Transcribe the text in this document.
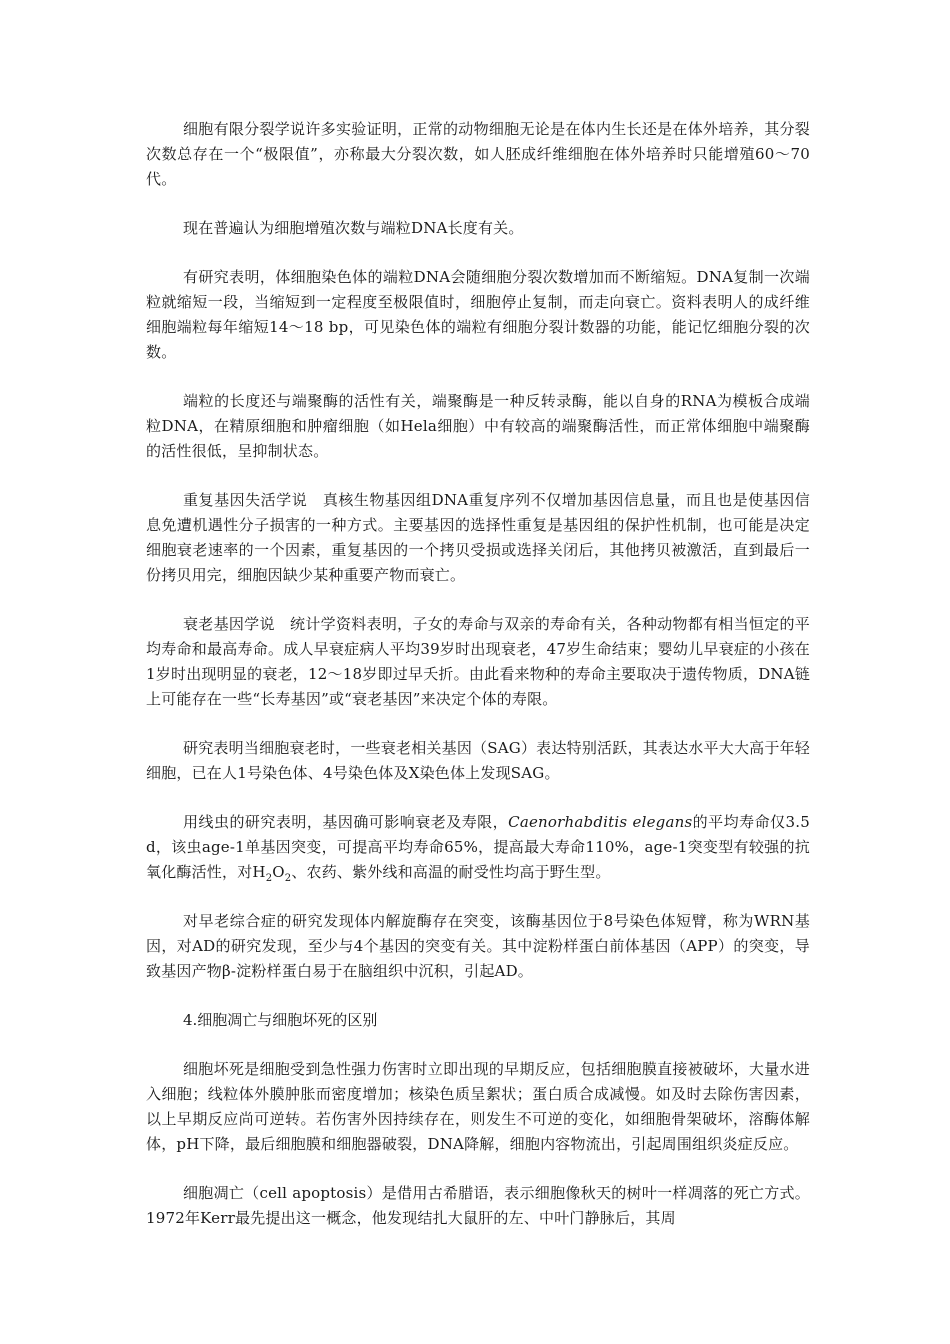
细胞有限分裂学说许多实验证明，正常的动物细胞无论是在体内生长还是在体外培养，其分裂次数总存在一个“极限值”，亦称最大分裂次数，如人胚成纤维细胞在体外培养时只能增殖60～70代。

现在普遍认为细胞增殖次数与端粒DNA长度有关。

有研究表明，体细胞染色体的端粒DNA会随细胞分裂次数增加而不断缩短。DNA复制一次端粒就缩短一段，当缩短到一定程度至极限值时，细胞停止复制，而走向衰亡。资料表明人的成纤维细胞端粒每年缩短14～18 bp，可见染色体的端粒有细胞分裂计数器的功能，能记忆细胞分裂的次数。

端粒的长度还与端聚酶的活性有关，端聚酶是一种反转录酶，能以自身的RNA为模板合成端粒DNA，在精原细胞和肿瘤细胞（如Hela细胞）中有较高的端聚酶活性，而正常体细胞中端聚酶的活性很低，呈抑制状态。

重复基因失活学说　真核生物基因组DNA重复序列不仅增加基因信息量，而且也是使基因信息免遭机遇性分子损害的一种方式。主要基因的选择性重复是基因组的保护性机制，也可能是决定细胞衰老速率的一个因素，重复基因的一个拷贝受损或选择关闭后，其他拷贝被激活，直到最后一份拷贝用完，细胞因缺少某种重要产物而衰亡。

衰老基因学说　统计学资料表明，子女的寿命与双亲的寿命有关，各种动物都有相当恒定的平均寿命和最高寿命。成人早衰症病人平均39岁时出现衰老，47岁生命结束；婴幼儿早衰症的小孩在1岁时出现明显的衰老，12～18岁即过早夭折。由此看来物种的寿命主要取决于遗传物质，DNA链上可能存在一些“长寿基因”或“衰老基因”来决定个体的寿限。

研究表明当细胞衰老时，一些衰老相关基因（SAG）表达特别活跃，其表达水平大大高于年轻细胞，已在人1号染色体、4号染色体及X染色体上发现SAG。

用线虫的研究表明，基因确可影响衰老及寿限，Caenorhabditis elegans的平均寿命仅3.5 d，该虫age-1单基因突变，可提高平均寿命65%，提高最大寿命110%，age-1突变型有较强的抗氧化酶活性，对$H_2O_2$、农药、紫外线和高温的耐受性均高于野生型。

对早老综合症的研究发现体内解旋酶存在突变，该酶基因位于8号染色体短臂，称为WRN基因，对AD的研究发现，至少与4个基因的突变有关。其中淀粉样蛋白前体基因（APP）的突变，导致基因产物β-淀粉样蛋白易于在脑组织中沉积，引起AD。

4.细胞凋亡与细胞坏死的区别

细胞坏死是细胞受到急性强力伤害时立即出现的早期反应，包括细胞膜直接被破坏，大量水进入细胞；线粒体外膜肿胀而密度增加；核染色质呈絮状；蛋白质合成减慢。如及时去除伤害因素，以上早期反应尚可逆转。若伤害外因持续存在，则发生不可逆的变化，如细胞骨架破坏，溶酶体解体，pH下降，最后细胞膜和细胞器破裂，DNA降解，细胞内容物流出，引起周围组织炎症反应。

细胞凋亡（cell apoptosis）是借用古希腊语，表示细胞像秋天的树叶一样凋落的死亡方式。1972年Kerr最先提出这一概念，他发现结扎大鼠肝的左、中叶门静脉后，其周
